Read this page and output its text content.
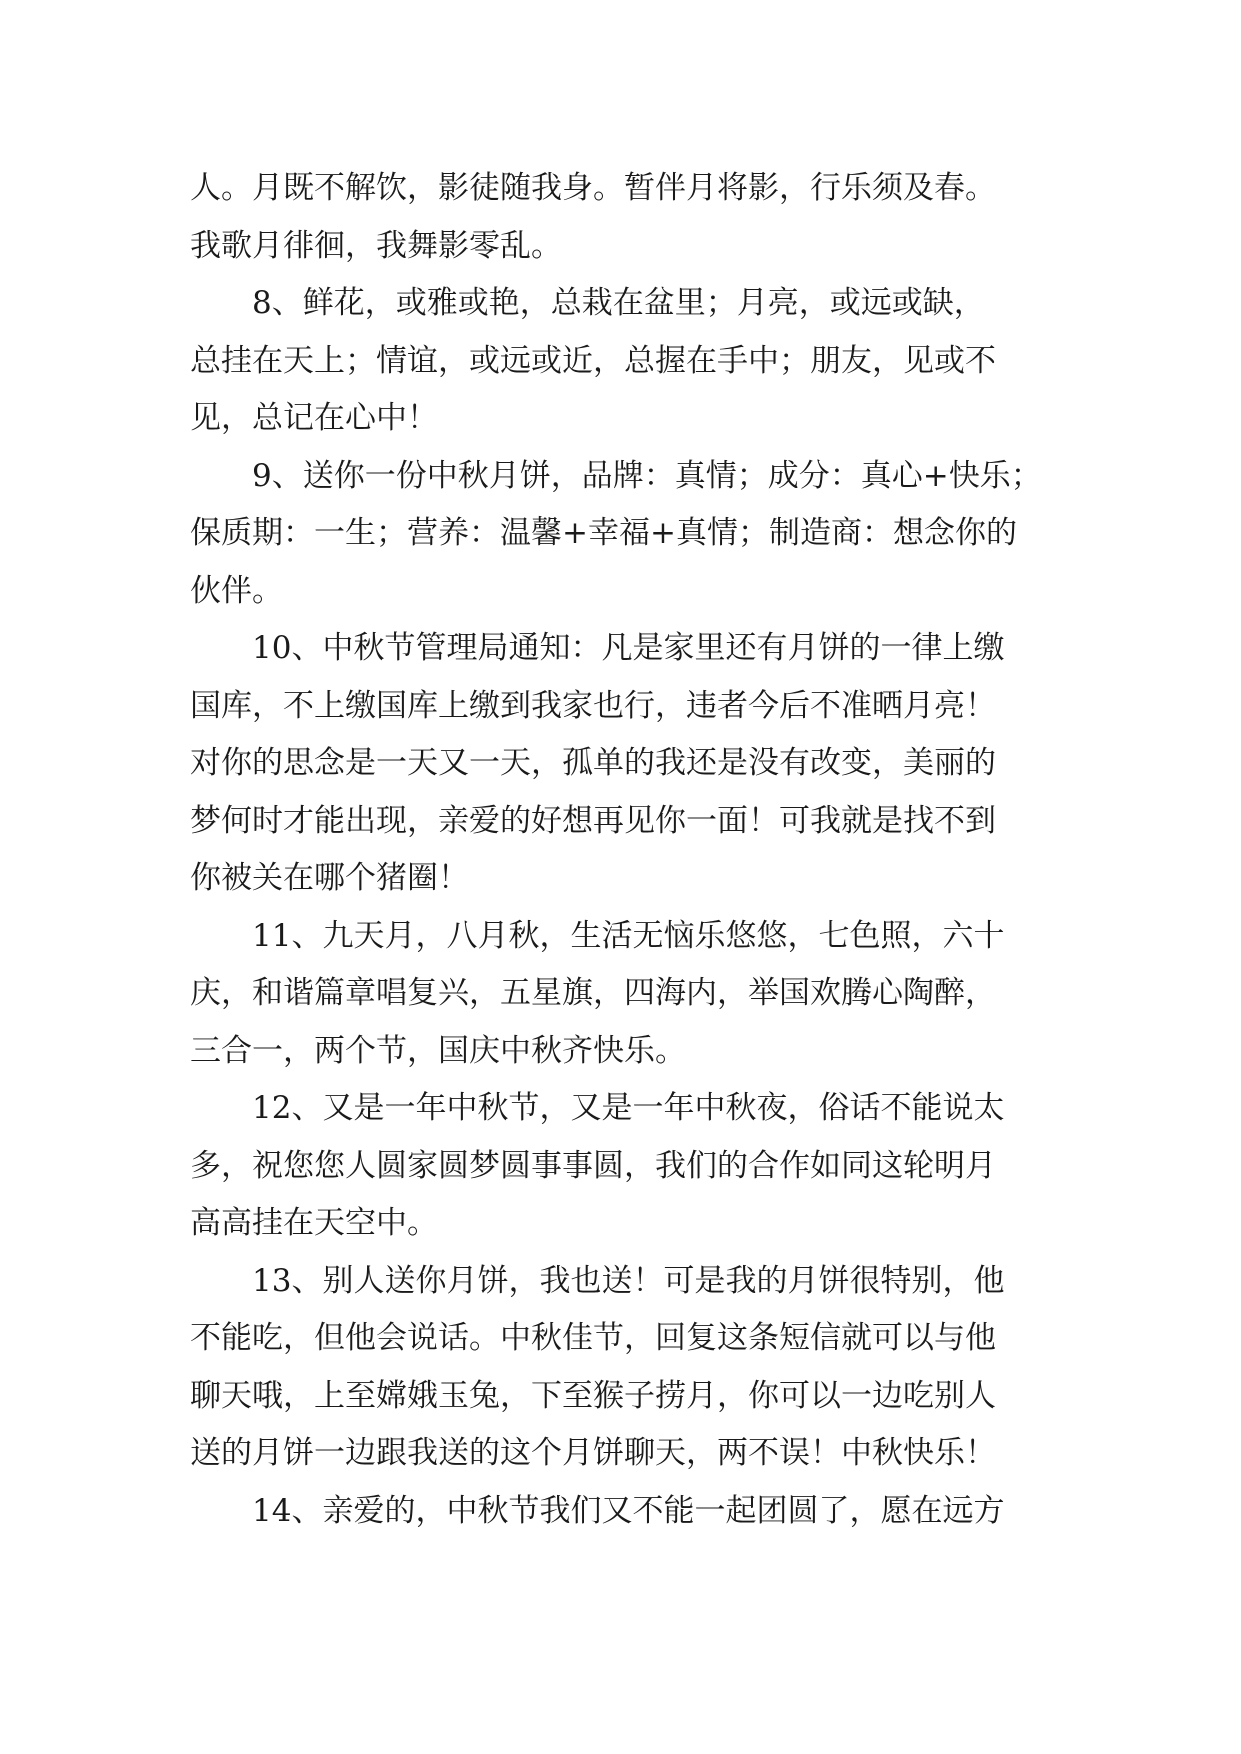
人。月既不解饮，影徒随我身。暂伴月将影，行乐须及春。
我歌月徘徊，我舞影零乱。
8、鲜花，或雅或艳，总栽在盆里；月亮，或远或缺，
总挂在天上；情谊，或远或近，总握在手中；朋友，见或不
见，总记在心中！
9、送你一份中秋月饼，品牌：真情；成分：真心+快乐；
保质期：一生；营养：温馨+幸福+真情；制造商：想念你的
伙伴。
10、中秋节管理局通知：凡是家里还有月饼的一律上缴
国库，不上缴国库上缴到我家也行，违者今后不准晒月亮！
对你的思念是一天又一天，孤单的我还是没有改变，美丽的
梦何时才能出现，亲爱的好想再见你一面！可我就是找不到
你被关在哪个猪圈！
11、九天月，八月秋，生活无恼乐悠悠，七色照，六十
庆，和谐篇章唱复兴，五星旗，四海内，举国欢腾心陶醉，
三合一，两个节，国庆中秋齐快乐。
12、又是一年中秋节，又是一年中秋夜，俗话不能说太
多，祝您您人圆家圆梦圆事事圆，我们的合作如同这轮明月
高高挂在天空中。
13、别人送你月饼，我也送！可是我的月饼很特别，他
不能吃，但他会说话。中秋佳节，回复这条短信就可以与他
聊天哦，上至嫦娥玉兔，下至猴子捞月，你可以一边吃别人
送的月饼一边跟我送的这个月饼聊天，两不误！中秋快乐！
14、亲爱的，中秋节我们又不能一起团圆了，愿在远方
